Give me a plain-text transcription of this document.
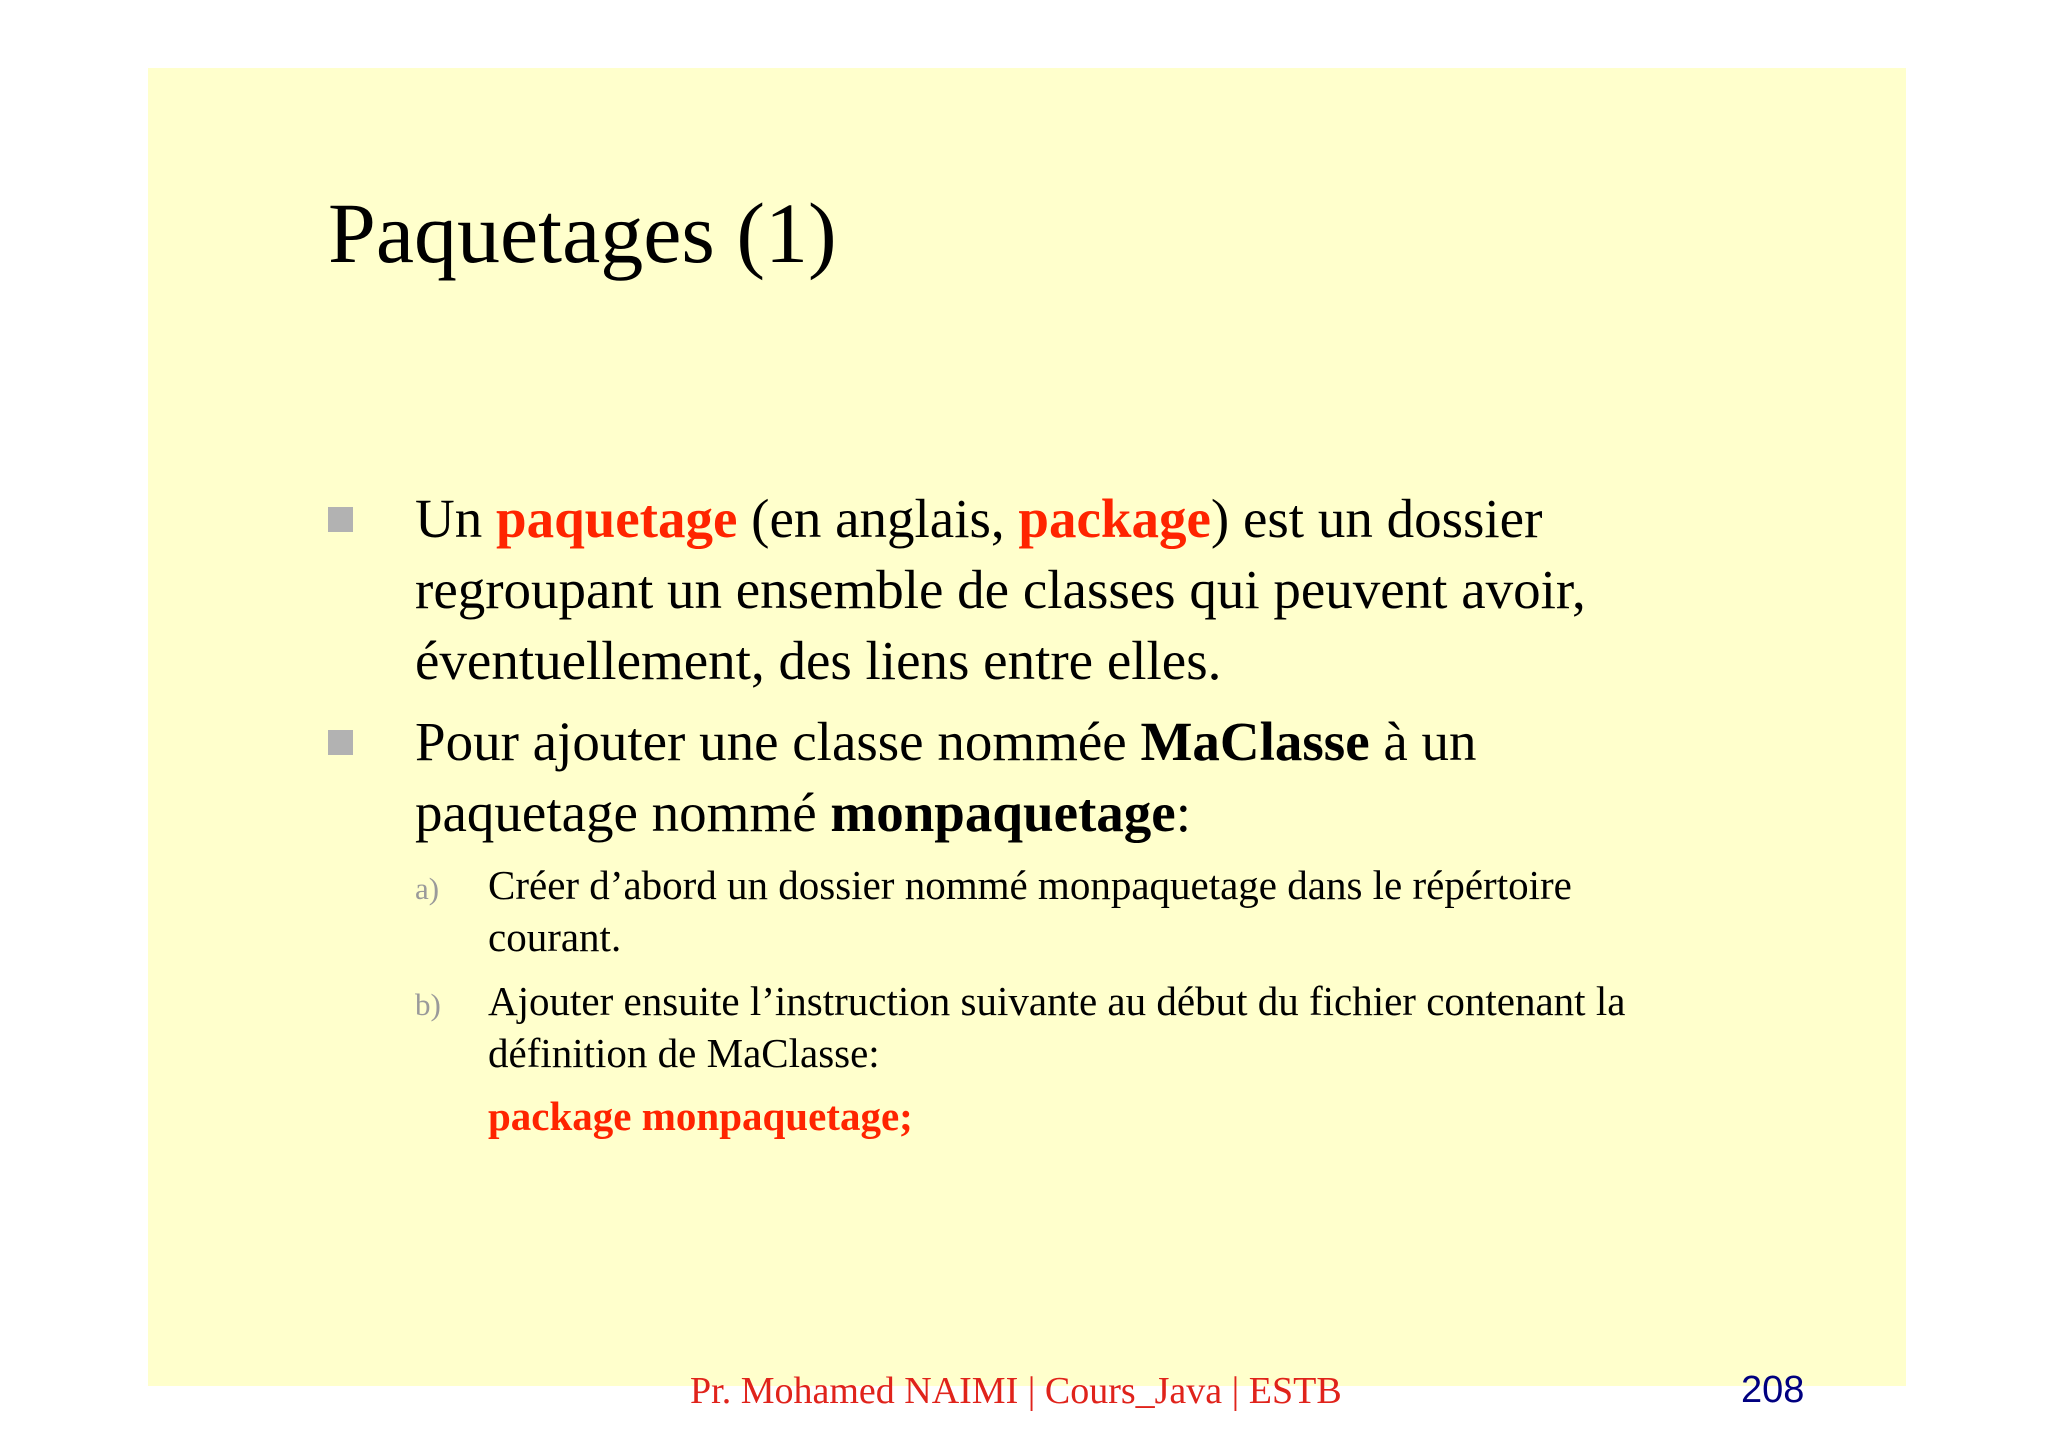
Paquetages (1)
Un paquetage (en anglais, package) est un dossier
regroupant un ensemble de classes qui peuvent avoir,
éventuellement, des liens entre elles.
Pour ajouter une classe nommée MaClasse à un
paquetage nommé monpaquetage:
a) Créer d’abord un dossier nommé monpaquetage dans le répértoire
courant.
b) Ajouter ensuite l’instruction suivante au début du fichier contenant la
définition de MaClasse:
package monpaquetage;
Pr. Mohamed NAIMI | Cours_Java | ESTB	208
